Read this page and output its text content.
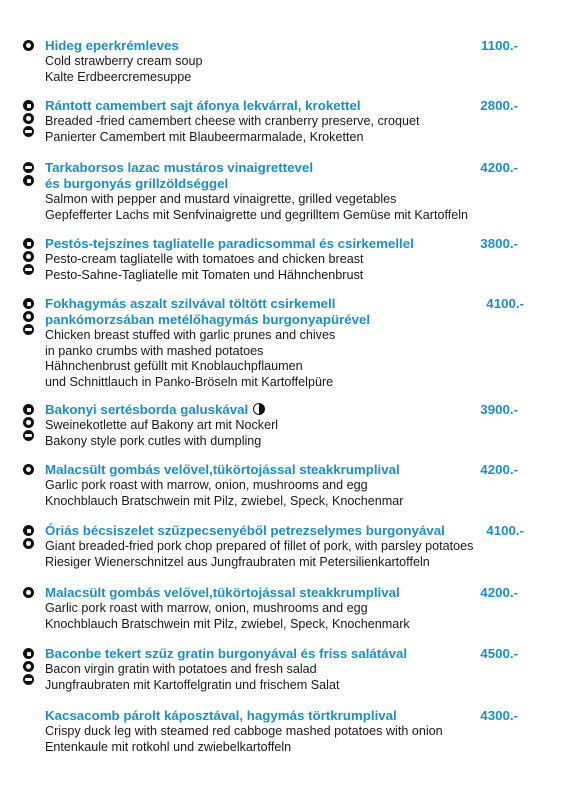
Hideg eperkrémleves	1100.-
Cold strawberry cream soup
Kalte Erdbeercremesuppe
Rántott camembert sajt áfonya lekvárral, krokettel	2800.-
Breaded -fried camembert cheese with cranberry preserve, croquet
Panierter Camembert mit Blaubeermarmalade, Kroketten
Tarkaborsos lazac mustáros vinaigrettevel	4200.-
és burgonyás grillzöldséggel
Salmon with pepper and mustard vinaigrette, grilled vegetables
Gepfefferter Lachs mit Senfvinaigrette und gegrilltem Gemüse mit Kartoffeln
Pestós-tejszínes tagliatelle paradicsommal és csirkemellel	3800.-
Pesto-cream tagliatelle with tomatoes and chicken breast
Pesto-Sahne-Tagliatelle mit Tomaten und Hähnchenbrust
Fokhagymás aszalt szilvával töltött csirkemell	4100.-
pankómorzsában metélőhagymás burgonyapürével
Chicken breast stuffed with garlic prunes and chives
in panko crumbs with mashed potatoes
Hähnchenbrust gefüllt mit Knoblauchpflaumen
und Schnittlauch in Panko-Bröseln mit Kartoffelpüre
Bakonyi sertésborda galuskával	3900.-
Sweinekotlette auf Bakony art mit Nockerl
Bakony style pork cutles with dumpling
Malacsült gombás velővel,tükörtojással steakkrumplival	4200.-
Garlic pork roast with marrow, onion, mushrooms and egg
Knochblauch Bratschwein mit Pilz, zwiebel, Speck, Knochenmar
Óriás bécsiszelet szűzpecsenyéből petrezselymes burgonyával	4100.-
Giant breaded-fried pork chop prepared of fillet of pork, with parsley potatoes
Riesiger Wienerschnitzel aus Jungfraubraten mit Petersilienkartoffeln
Malacsült gombás velővel,tükörtojással steakkrumplival	4200.-
Garlic pork roast with marrow, onion, mushrooms and egg
Knochblauch Bratschwein mit Pilz, zwiebel, Speck, Knochenmark
Baconbe tekert szűz gratin burgonyával és friss salátával	4500.-
Bacon virgin gratin with potatoes and fresh salad
Jungfraubraten mit Kartoffelgratin und frischem Salat
Kacsacomb párolt káposztával, hagymás törtkrumplival	4300.-
Crispy duck leg with steamed red cabboge mashed potatoes with onion
Entenkaule mit rotkohl und zwiebelkartoffeln
